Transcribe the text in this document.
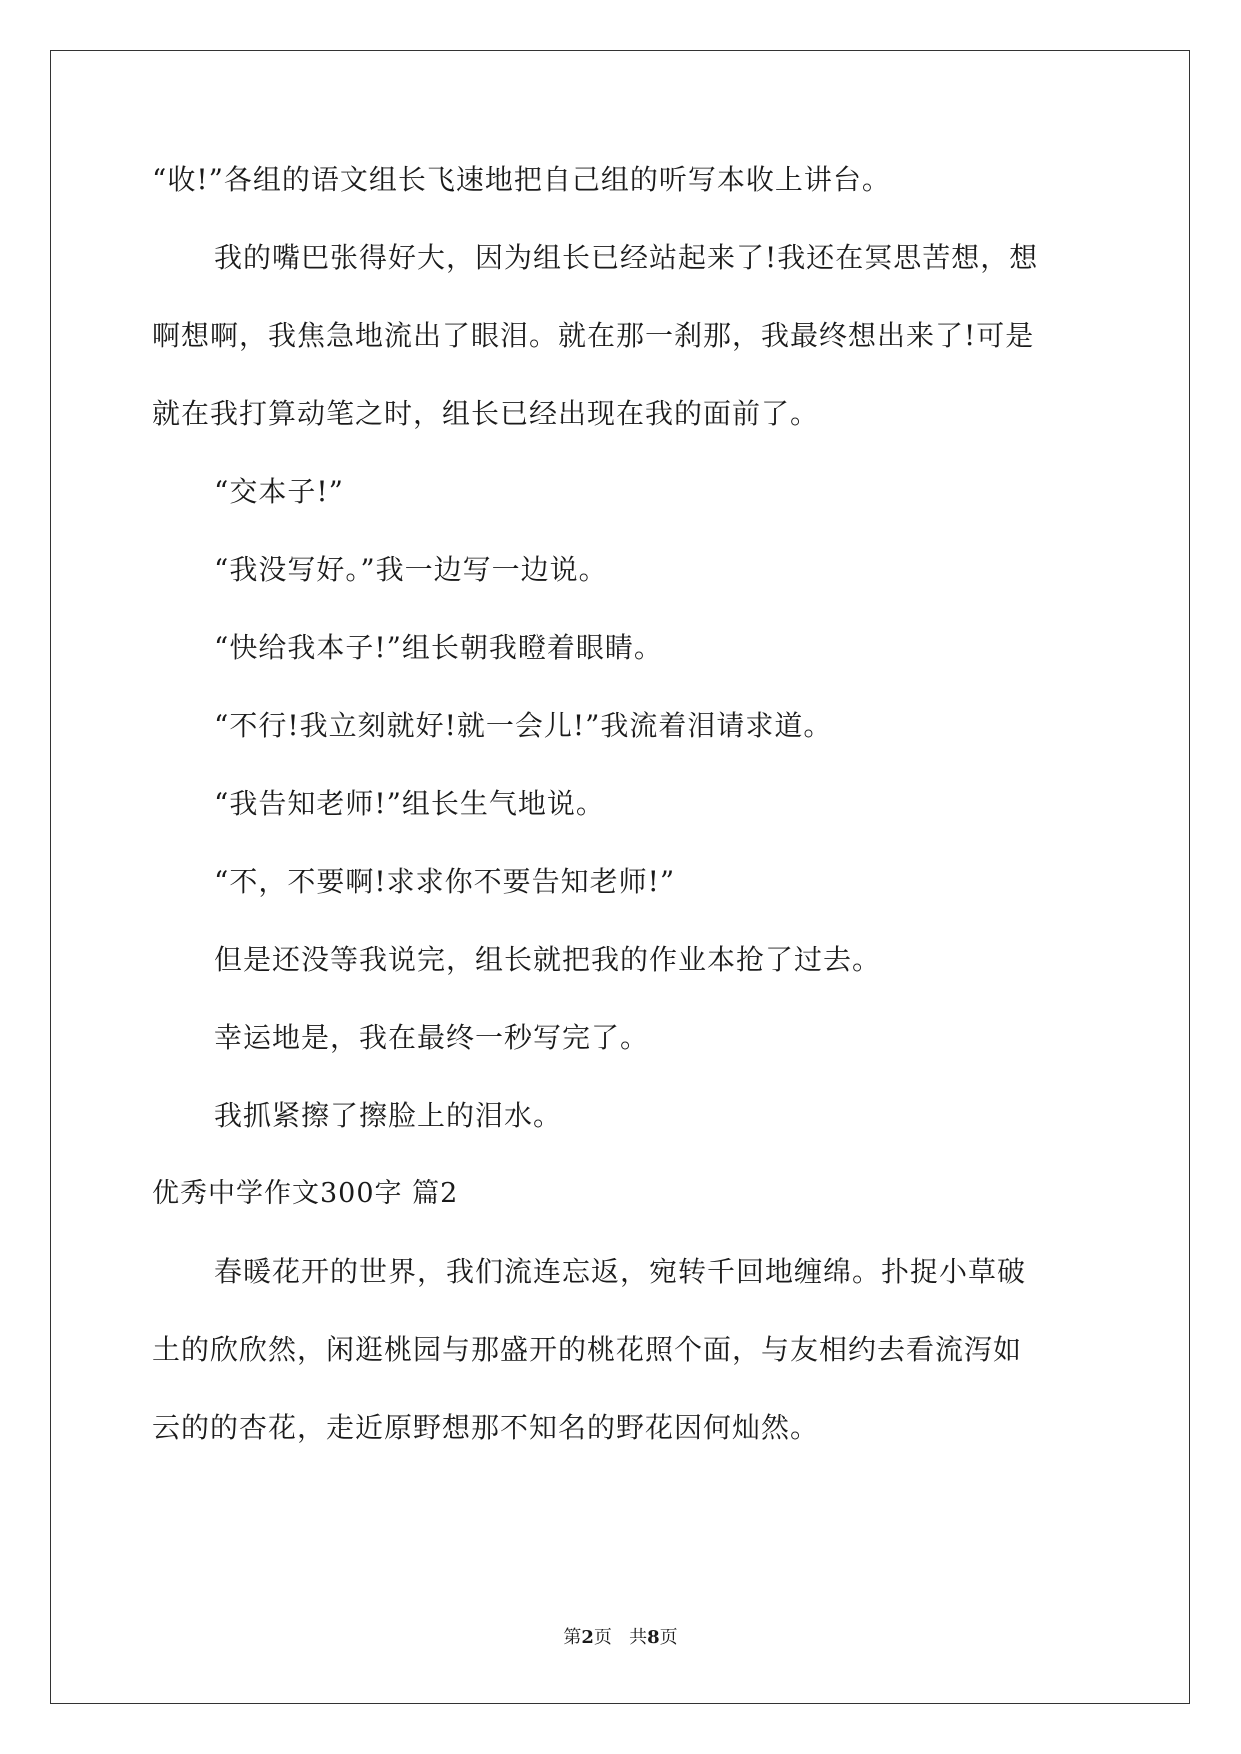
“收!”各组的语文组长飞速地把自己组的听写本收上讲台。

我的嘴巴张得好大，因为组长已经站起来了!我还在冥思苦想，想

啊想啊，我焦急地流出了眼泪。就在那一刹那，我最终想出来了!可是

就在我打算动笔之时，组长已经出现在我的面前了。

“交本子!”

“我没写好。”我一边写一边说。

“快给我本子!”组长朝我瞪着眼睛。

“不行!我立刻就好!就一会儿!”我流着泪请求道。

“我告知老师!”组长生气地说。

“不，不要啊!求求你不要告知老师!”

但是还没等我说完，组长就把我的作业本抢了过去。

幸运地是，我在最终一秒写完了。

我抓紧擦了擦脸上的泪水。

优秀中学作文300字 篇2

春暖花开的世界，我们流连忘返，宛转千回地缠绵。扑捉小草破

土的欣欣然，闲逛桃园与那盛开的桃花照个面，与友相约去看流泻如

云的的杏花，走近原野想那不知名的野花因何灿然。

第2页 共8页
